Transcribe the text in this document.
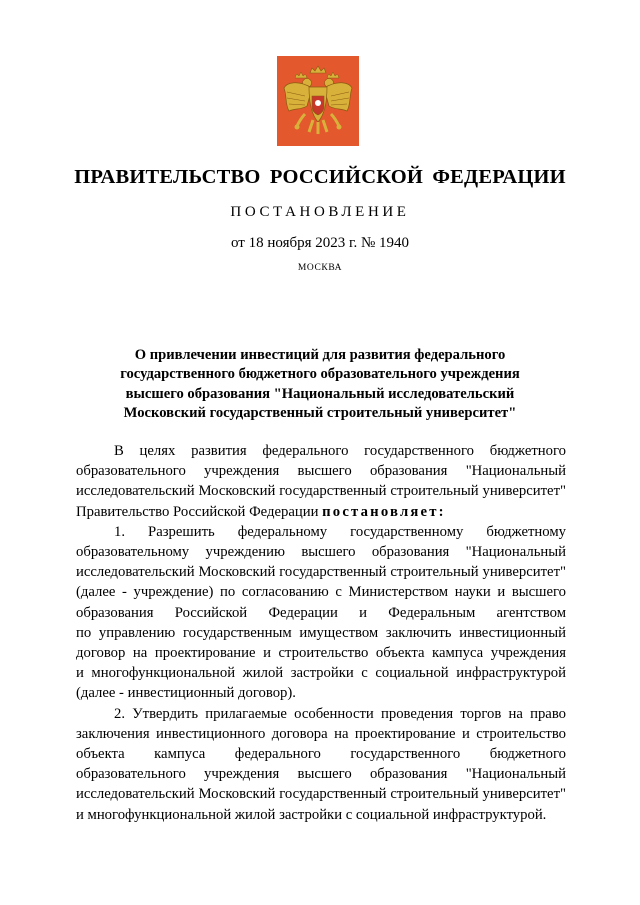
ПРАВИТЕЛЬСТВО РОССИЙСКОЙ ФЕДЕРАЦИИ
ПОСТАНОВЛЕНИЕ
от 18 ноября 2023 г. № 1940
МОСКВА
О привлечении инвестиций для развития федерального
государственного бюджетного образовательного учреждения
высшего образования "Национальный исследовательский
Московский государственный строительный университет"
В целях развития федерального государственного бюджетного
образовательного учреждения высшего образования "Национальный
исследовательский Московский государственный строительный университет"
Правительство Российской Федерации постановляет:
1. Разрешить федеральному государственному бюджетному
образовательному учреждению высшего образования "Национальный
исследовательский Московский государственный строительный университет"
(далее - учреждение) по согласованию с Министерством науки и высшего
образования Российской Федерации и Федеральным агентством
по управлению государственным имуществом заключить инвестиционный
договор на проектирование и строительство объекта кампуса учреждения
и многофункциональной жилой застройки с социальной инфраструктурой
(далее - инвестиционный договор).
2. Утвердить прилагаемые особенности проведения торгов на право
заключения инвестиционного договора на проектирование и строительство
объекта кампуса федерального государственного бюджетного
образовательного учреждения высшего образования "Национальный
исследовательский Московский государственный строительный университет"
и многофункциональной жилой застройки с социальной инфраструктурой.
